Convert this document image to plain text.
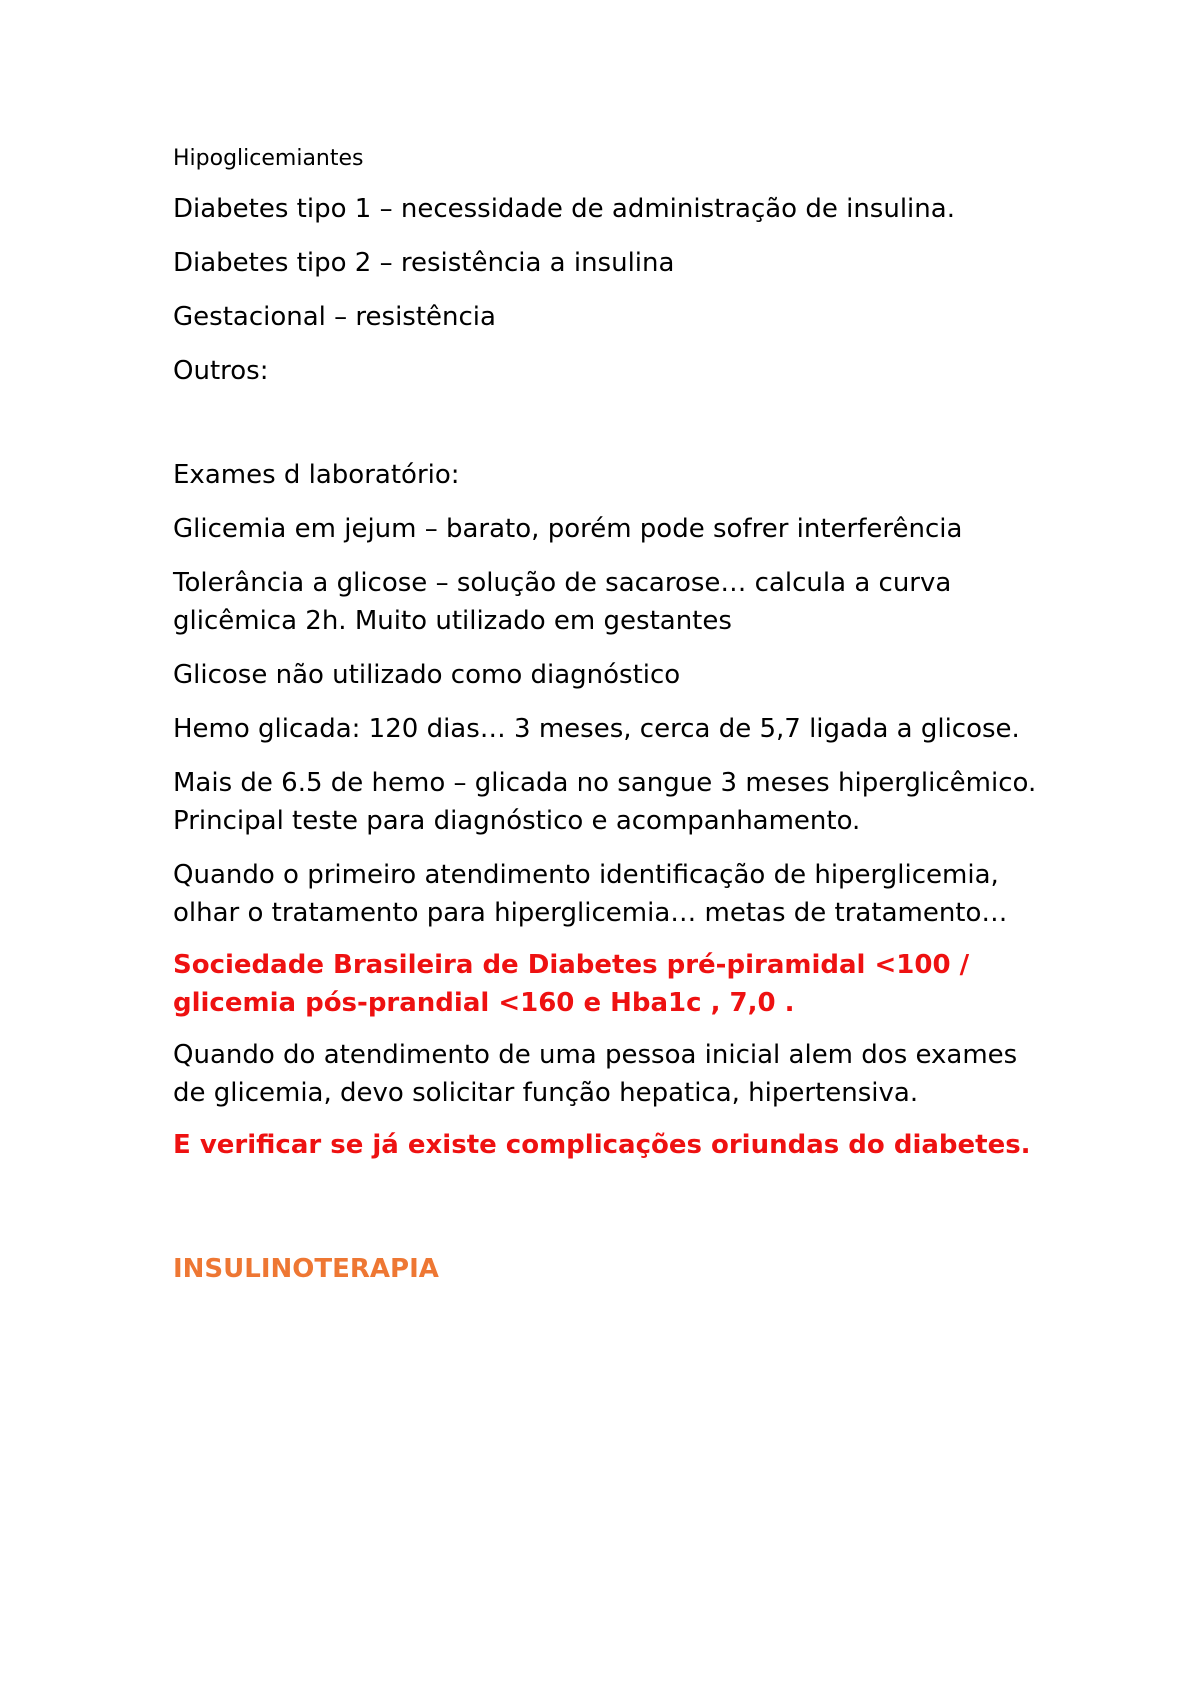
Hipoglicemiantes

Diabetes tipo 1 – necessidade de administração de insulina.

Diabetes tipo 2 – resistência a insulina

Gestacional – resistência

Outros:

Exames d laboratório:

Glicemia em jejum – barato, porém pode sofrer interferência

Tolerância a glicose – solução de sacarose… calcula a curva glicêmica 2h. Muito utilizado em gestantes

Glicose não utilizado como diagnóstico

Hemo glicada: 120 dias… 3 meses, cerca de 5,7 ligada a glicose.

Mais de 6.5 de hemo – glicada no sangue 3 meses hiperglicêmico. Principal teste para diagnóstico e acompanhamento.

Quando o primeiro atendimento identificação de hiperglicemia, olhar o tratamento para hiperglicemia… metas de tratamento…

Sociedade Brasileira de Diabetes pré-piramidal <100 / glicemia pós-prandial <160 e Hba1c , 7,0 .

Quando do atendimento de uma pessoa inicial alem dos exames de glicemia, devo solicitar função hepatica, hipertensiva.

E verificar se já existe complicações oriundas do diabetes.

INSULINOTERAPIA
